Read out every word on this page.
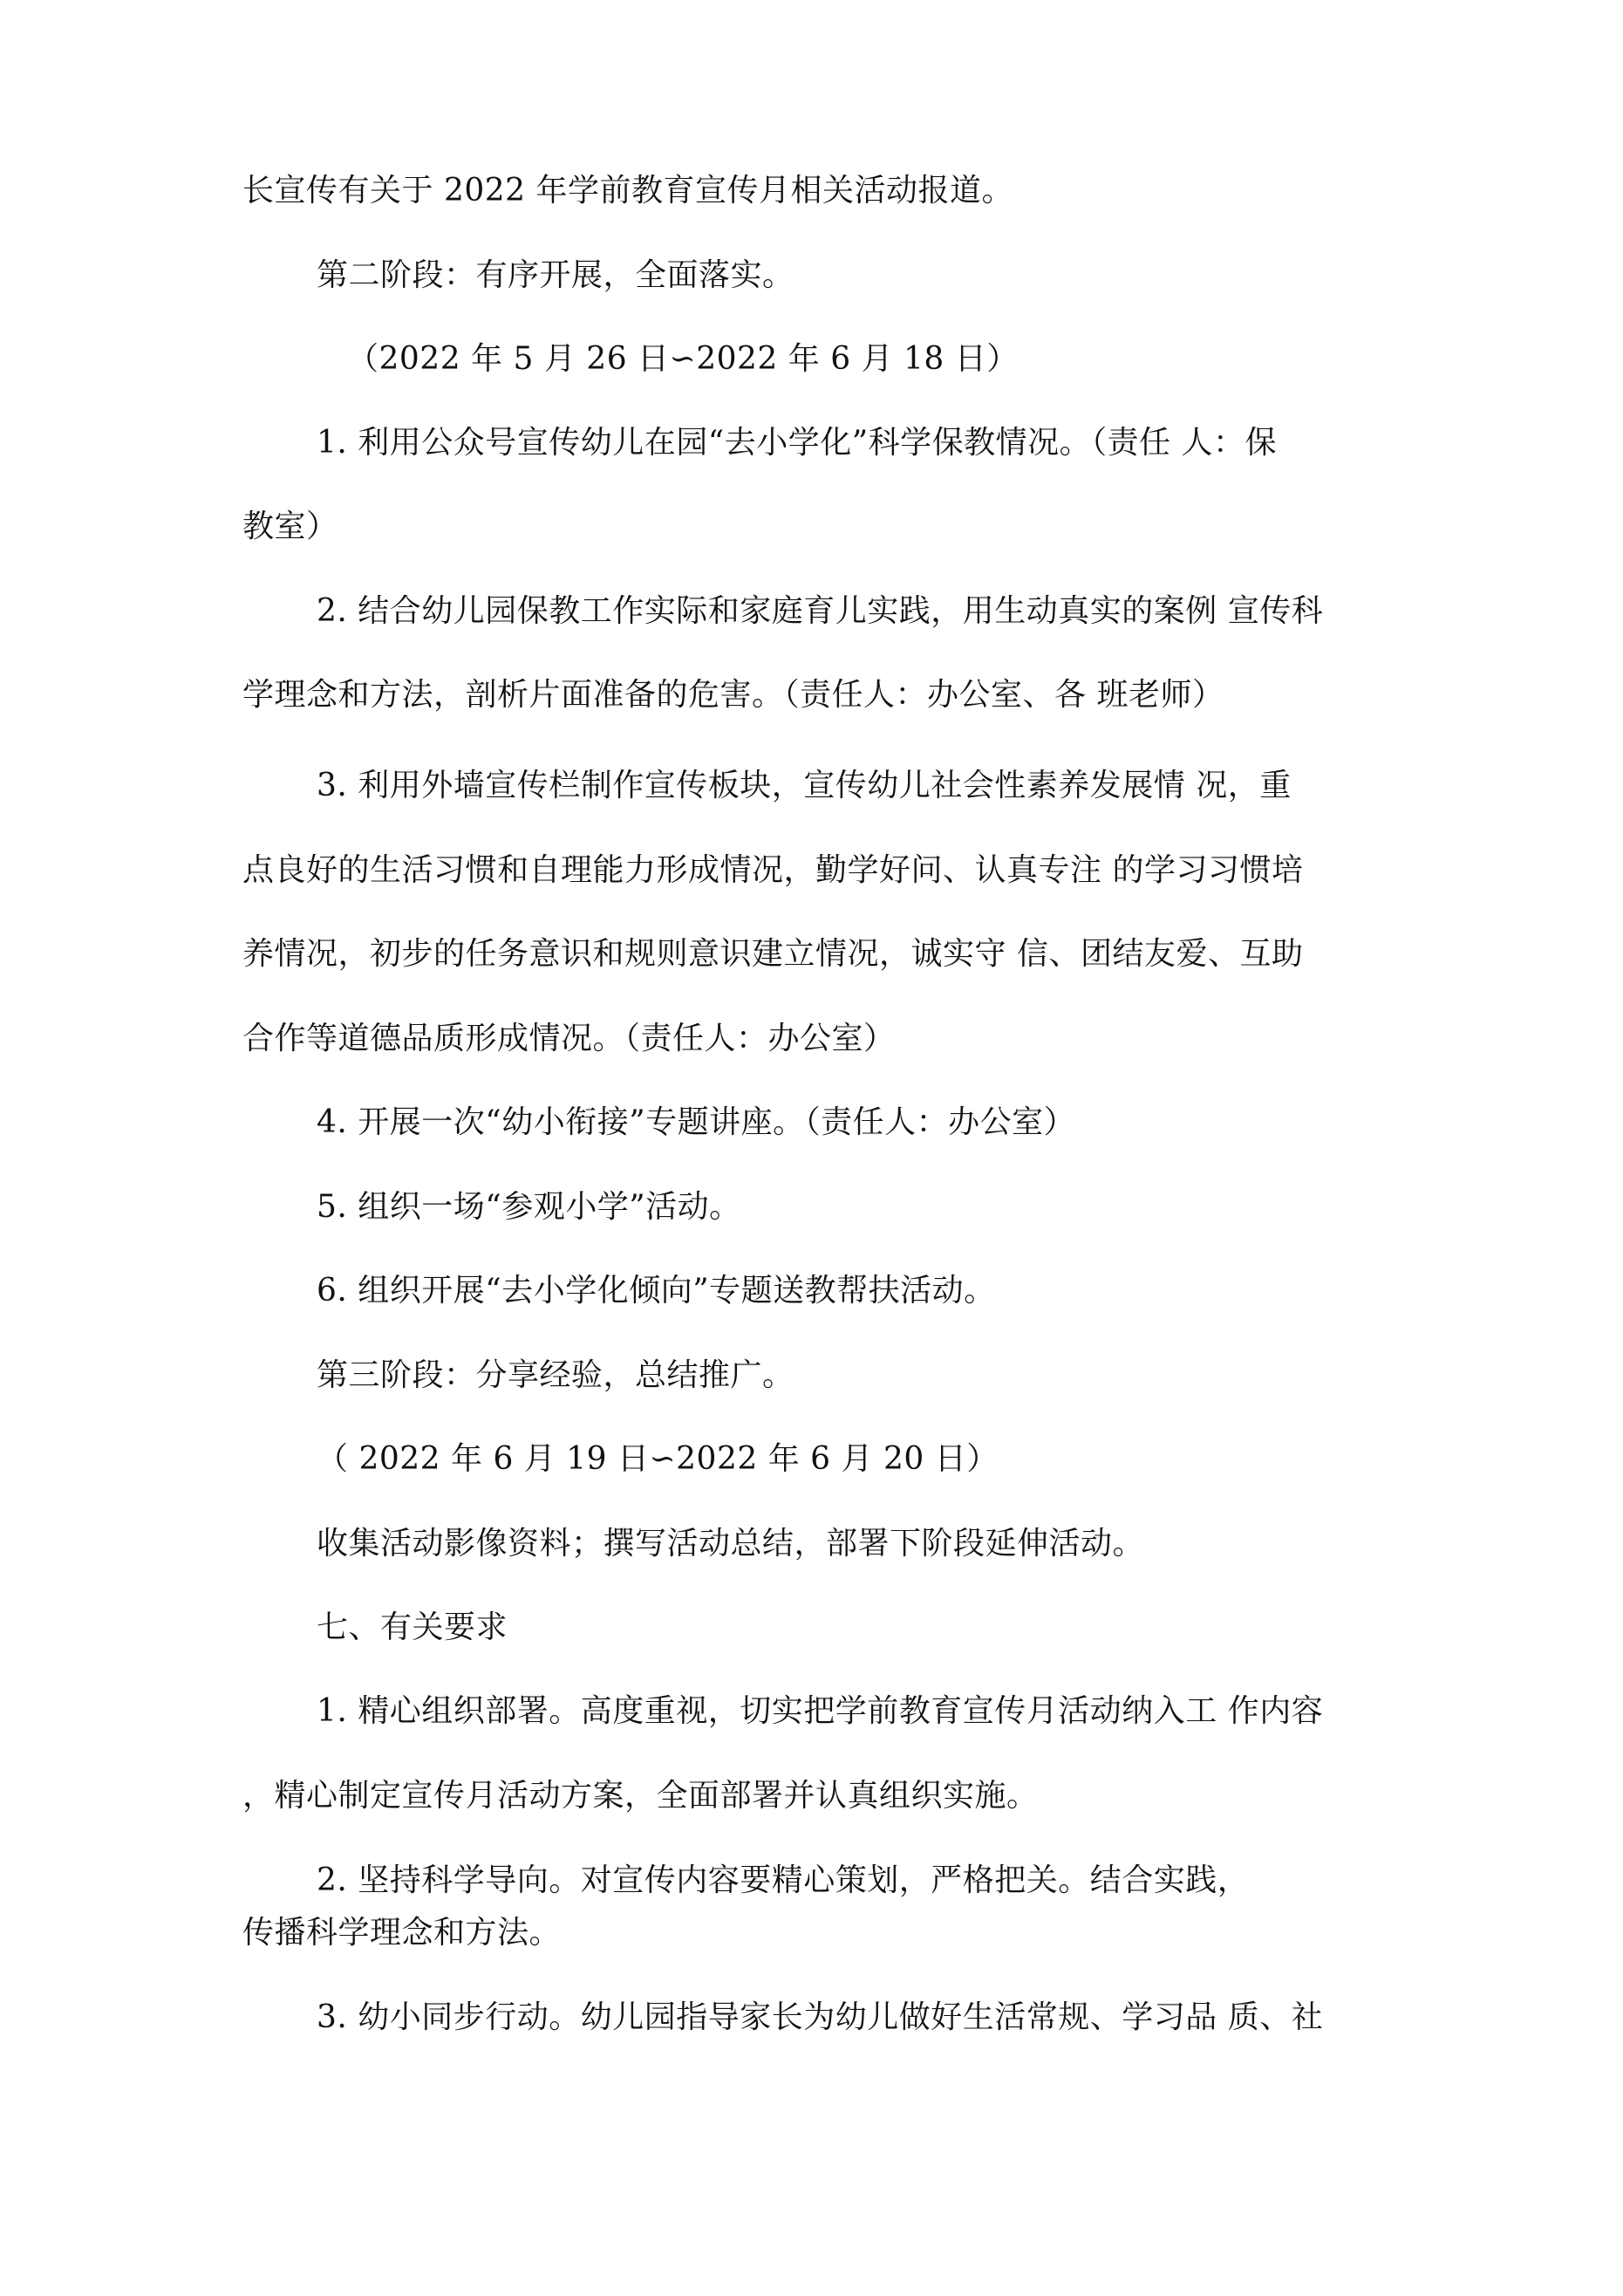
长宣传有关于 2022 年学前教育宣传月相关活动报道。

第二阶段：有序开展，全面落实。

（2022 年 5 月 26 日∽2022 年 6 月 18 日）

1. 利用公众号宣传幼儿在园“去小学化”科学保教情况。（责任 人：保

教室）

2. 结合幼儿园保教工作实际和家庭育儿实践，用生动真实的案例 宣传科

学理念和方法，剖析片面准备的危害。（责任人：办公室、各 班老师）

3. 利用外墙宣传栏制作宣传板块，宣传幼儿社会性素养发展情 况，重

点良好的生活习惯和自理能力形成情况，勤学好问、认真专注 的学习习惯培

养情况，初步的任务意识和规则意识建立情况，诚实守 信、团结友爱、互助

合作等道德品质形成情况。（责任人：办公室）

4. 开展一次“幼小衔接”专题讲座。（责任人：办公室）

5. 组织一场“参观小学”活动。

6. 组织开展“去小学化倾向”专题送教帮扶活动。

第三阶段：分享经验，总结推广。

（ 2022 年 6 月 19 日∽2022 年 6 月 20 日）

收集活动影像资料；撰写活动总结，部署下阶段延伸活动。

七、有关要求

1. 精心组织部署。高度重视，切实把学前教育宣传月活动纳入工 作内容

，精心制定宣传月活动方案，全面部署并认真组织实施。

2. 坚持科学导向。对宣传内容要精心策划，严格把关。结合实践，

传播科学理念和方法。

3. 幼小同步行动。幼儿园指导家长为幼儿做好生活常规、学习品 质、社
